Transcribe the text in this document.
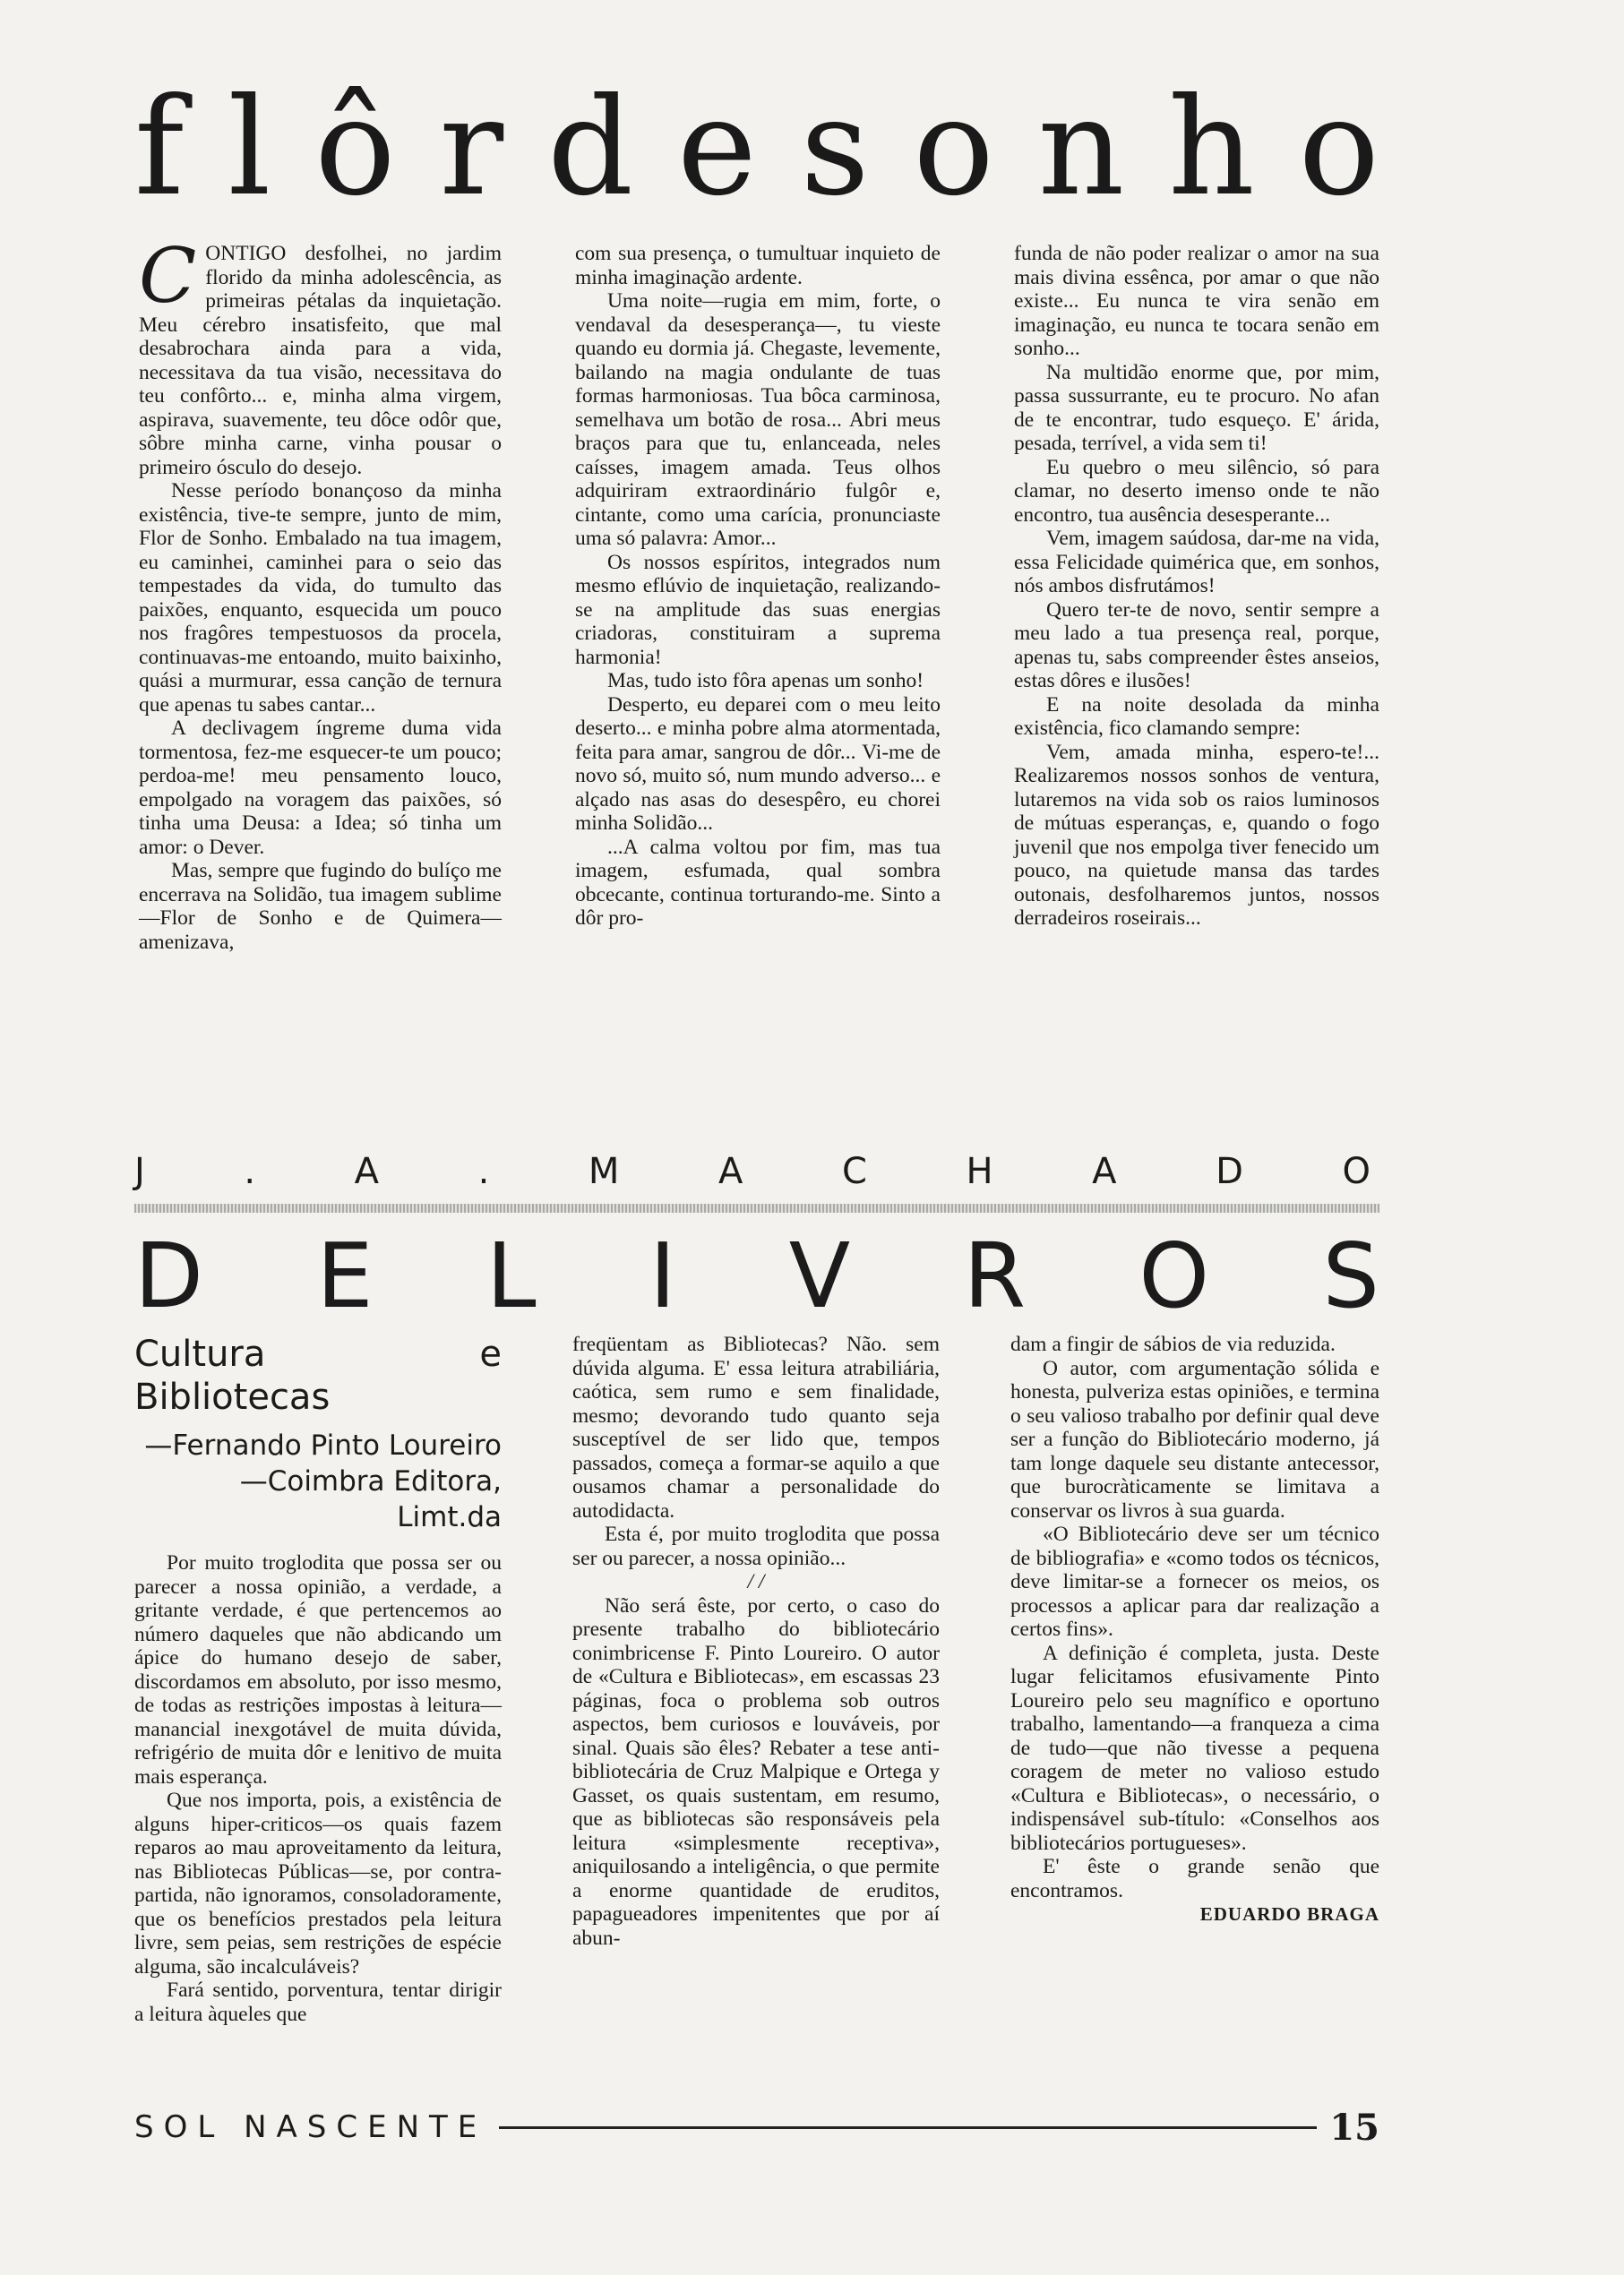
f l ô r d e s o n h o
C ONTIGO desfolhei, no jardim florido da minha adolescência, as primeiras pétalas da inquietação. Meu cérebro insatisfeito, que mal desabrochara ainda para a vida, necessitava da tua visão, necessitava do teu confôrto... e, minha alma virgem, aspirava, suavemente, teu dôce odôr que, sôbre minha carne, vinha pousar o primeiro ósculo do desejo.

Nesse período bonançoso da minha existência, tive-te sempre, junto de mim, Flor de Sonho. Embalado na tua imagem, eu caminhei, caminhei para o seio das tempestades da vida, do tumulto das paixões, enquanto, esquecida um pouco nos fragôres tempestuosos da procela, continuavas-me entoando, muito baixinho, quási a murmurar, essa canção de ternura que apenas tu sabes cantar...

A declivagem íngreme duma vida tormentosa, fez-me esquecer-te um pouco; perdoa-me! meu pensamento louco, empolgado na voragem das paixões, só tinha uma Deusa: a Idea; só tinha um amor: o Dever.

Mas, sempre que fugindo do bulíço me encerrava na Solidão, tua imagem sublime—Flor de Sonho e de Quimera—amenizava,

com sua presença, o tumultuar inquieto de minha imaginação ardente.

Uma noite—rugia em mim, forte, o vendaval da desesperança—, tu vieste quando eu dormia já. Chegaste, levemente, bailando na magia ondulante de tuas formas harmoniosas. Tua bôca carminosa, semelhava um botão de rosa... Abri meus braços para que tu, enlanceada, neles caísses, imagem amada. Teus olhos adquiriram extraordinário fulgôr e, cintante, como uma carícia, pronunciaste uma só palavra: Amor...

Os nossos espíritos, integrados num mesmo eflúvio de inquietação, realizando-se na amplitude das suas energias criadoras, constituiram a suprema harmonia!

Mas, tudo isto fôra apenas um sonho!

Desperto, eu deparei com o meu leito deserto... e minha pobre alma atormentada, feita para amar, sangrou de dôr... Vi-me de novo só, muito só, num mundo adverso... e alçado nas asas do desespêro, eu chorei minha Solidão...

...A calma voltou por fim, mas tua imagem, esfumada, qual sombra obcecante, continua torturando-me. Sinto a dôr pro-

funda de não poder realizar o amor na sua mais divina essênca, por amar o que não existe... Eu nunca te vira senão em imaginação, eu nunca te tocara senão em sonho...

Na multidão enorme que, por mim, passa sussurrante, eu te procuro. No afan de te encontrar, tudo esqueço. E' árida, pesada, terrível, a vida sem ti!

Eu quebro o meu silêncio, só para clamar, no deserto imenso onde te não encontro, tua ausência desesperante...

Vem, imagem saúdosa, dar-me na vida, essa Felicidade quimérica que, em sonhos, nós ambos disfrutámos!

Quero ter-te de novo, sentir sempre a meu lado a tua presença real, porque, apenas tu, sabs compreender êstes anseios, estas dôres e ilusões!

E na noite desolada da minha existência, fico clamando sempre:

Vem, amada minha, espero-te!... Realizaremos nossos sonhos de ventura, lutaremos na vida sob os raios luminosos de mútuas esperanças, e, quando o fogo juvenil que nos empolga tiver fenecido um pouco, na quietude mansa das tardes outonais, desfolharemos juntos, nossos derradeiros roseirais...

J	.	A	.	M	A	C	H	A	D	O
D E L I V R O S
Cultura e Bibliotecas
—Fernando Pinto Loureiro
—Coimbra Editora, Limt.da

Por muito troglodita que possa ser ou parecer a nossa opinião, a verdade, a gritante verdade, é que pertencemos ao número daqueles que não abdicando um ápice do humano desejo de saber, discordamos em absoluto, por isso mesmo, de todas as restrições impostas à leitura—manancial inexgotável de muita dúvida, refrigério de muita dôr e lenitivo de muita mais esperança.

Que nos importa, pois, a existência de alguns hiper-criticos—os quais fazem reparos ao mau aproveitamento da leitura, nas Bibliotecas Públicas—se, por contra-partida, não ignoramos, consoladoramente, que os benefícios prestados pela leitura livre, sem peias, sem restrições de espécie alguma, são incalculáveis?

Fará sentido, porventura, tentar dirigir a leitura àqueles que

freqüentam as Bibliotecas? Não. sem dúvida alguma. E' essa leitura atrabiliária, caótica, sem rumo e sem finalidade, mesmo; devorando tudo quanto seja susceptível de ser lido que, tempos passados, começa a formar-se aquilo a que ousamos chamar a personalidade do autodidacta.

Esta é, por muito troglodita que possa ser ou parecer, a nossa opinião...

/ /

Não será êste, por certo, o caso do presente trabalho do bibliotecário conimbricense F. Pinto Loureiro. O autor de «Cultura e Bibliotecas», em escassas 23 páginas, foca o problema sob outros aspectos, bem curiosos e louváveis, por sinal. Quais são êles? Rebater a tese anti-bibliotecária de Cruz Malpique e Ortega y Gasset, os quais sustentam, em resumo, que as bibliotecas são responsáveis pela leitura «simplesmente receptiva», aniquilosando a inteligência, o que permite a enorme quantidade de eruditos, papagueadores impenitentes que por aí abun-

dam a fingir de sábios de via reduzida.

O autor, com argumentação sólida e honesta, pulveriza estas opiniões, e termina o seu valioso trabalho por definir qual deve ser a função do Bibliotecário moderno, já tam longe daquele seu distante antecessor, que burocràticamente se limitava a conservar os livros à sua guarda.

«O Bibliotecário deve ser um técnico de bibliografia» e «como todos os técnicos, deve limitar-se a fornecer os meios, os processos a aplicar para dar realização a certos fins».

A definição é completa, justa. Deste lugar felicitamos efusivamente Pinto Loureiro pelo seu magnífico e oportuno trabalho, lamentando—a franqueza a cima de tudo—que não tivesse a pequena coragem de meter no valioso estudo «Cultura e Bibliotecas», o necessário, o indispensável sub-título: «Conselhos aos bibliotecários portugueses».

E' êste o grande senão que encontramos.

EDUARDO BRAGA

SOL NASCENTE	15
